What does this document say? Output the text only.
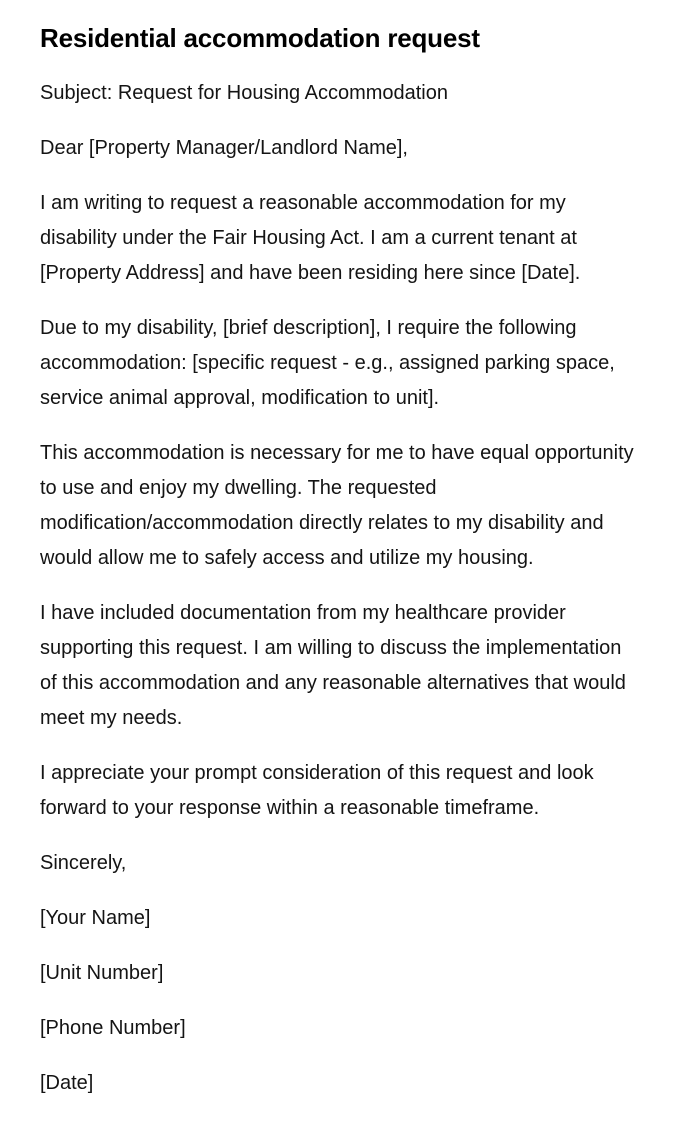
Residential accommodation request

Subject: Request for Housing Accommodation

Dear [Property Manager/Landlord Name],

I am writing to request a reasonable accommodation for my disability under the Fair Housing Act. I am a current tenant at [Property Address] and have been residing here since [Date].

Due to my disability, [brief description], I require the following accommodation: [specific request - e.g., assigned parking space, service animal approval, modification to unit].

This accommodation is necessary for me to have equal opportunity to use and enjoy my dwelling. The requested modification/accommodation directly relates to my disability and would allow me to safely access and utilize my housing.

I have included documentation from my healthcare provider supporting this request. I am willing to discuss the implementation of this accommodation and any reasonable alternatives that would meet my needs.

I appreciate your prompt consideration of this request and look forward to your response within a reasonable timeframe.

Sincerely,

[Your Name]

[Unit Number]

[Phone Number]

[Date]
